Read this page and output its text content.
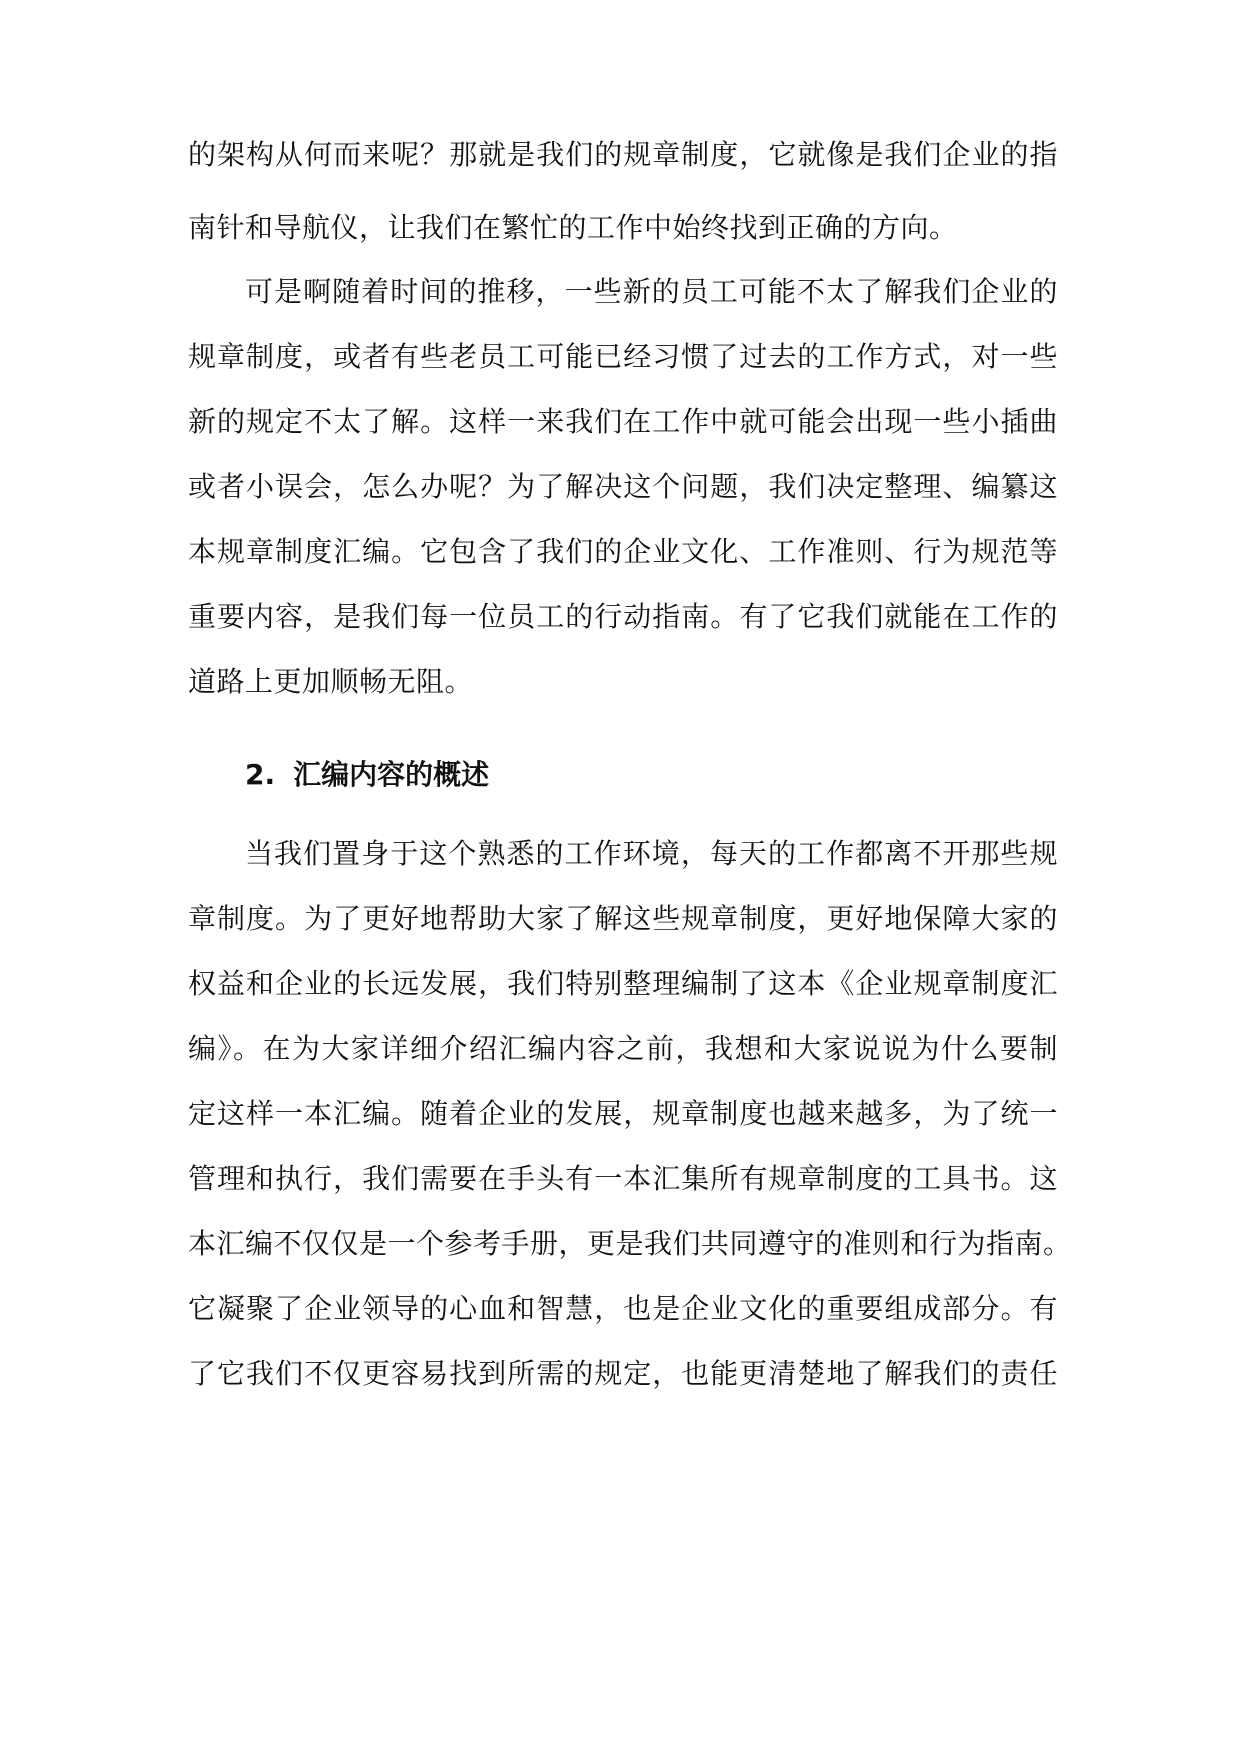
的架构从何而来呢？那就是我们的规章制度，它就像是我们企业的指
南针和导航仪，让我们在繁忙的工作中始终找到正确的方向。
可是啊随着时间的推移，一些新的员工可能不太了解我们企业的
规章制度，或者有些老员工可能已经习惯了过去的工作方式，对一些
新的规定不太了解。这样一来我们在工作中就可能会出现一些小插曲
或者小误会，怎么办呢？为了解决这个问题，我们决定整理、编纂这
本规章制度汇编。它包含了我们的企业文化、工作准则、行为规范等
重要内容，是我们每一位员工的行动指南。有了它我们就能在工作的
道路上更加顺畅无阻。
2. 汇编内容的概述
当我们置身于这个熟悉的工作环境，每天的工作都离不开那些规
章制度。为了更好地帮助大家了解这些规章制度，更好地保障大家的
权益和企业的长远发展，我们特别整理编制了这本《企业规章制度汇
编》。在为大家详细介绍汇编内容之前，我想和大家说说为什么要制
定这样一本汇编。随着企业的发展，规章制度也越来越多，为了统一
管理和执行，我们需要在手头有一本汇集所有规章制度的工具书。这
本汇编不仅仅是一个参考手册，更是我们共同遵守的准则和行为指南。
它凝聚了企业领导的心血和智慧，也是企业文化的重要组成部分。有
了它我们不仅更容易找到所需的规定，也能更清楚地了解我们的责任
